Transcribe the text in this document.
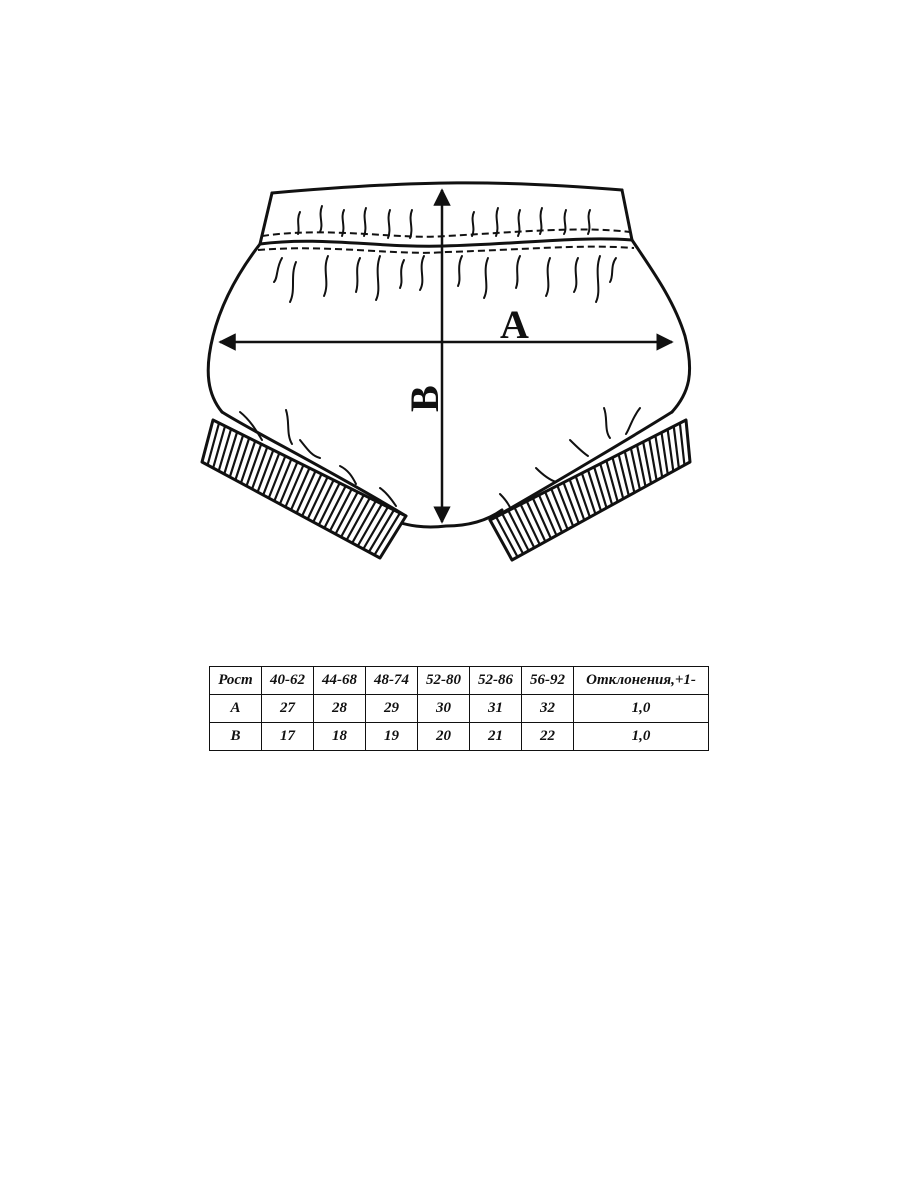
A
B
Рост	40-62	44-68	48-74	52-80	52-86	56-92	Отклонения,+1-
A	27	28	29	30	31	32	1,0
B	17	18	19	20	21	22	1,0
